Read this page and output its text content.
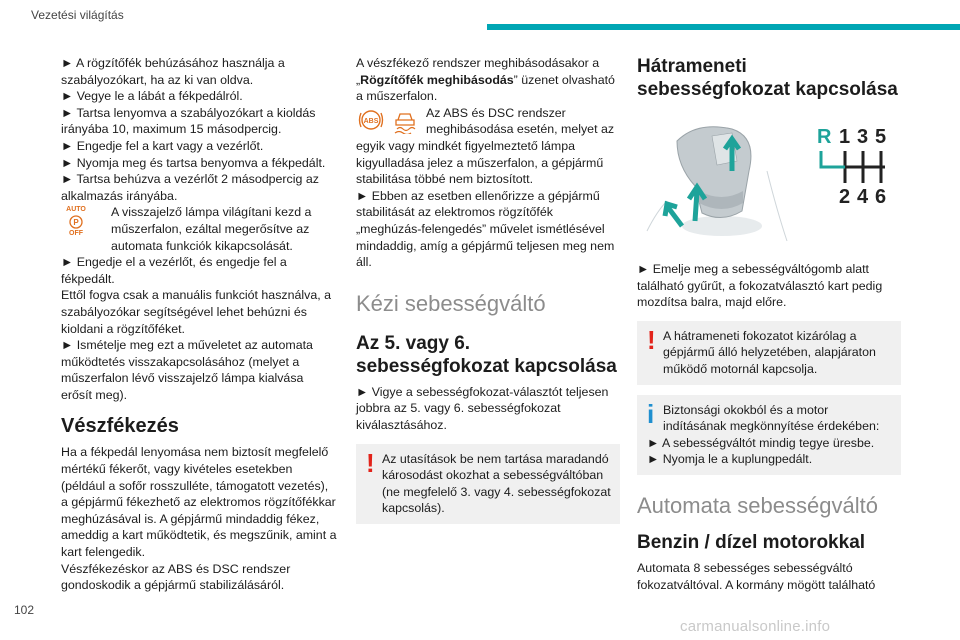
Vezetési világítás

► A rögzítőfék behúzásához használja a szabályozókart, ha az ki van oldva.

► Vegye le a lábát a fékpedálról.

► Tartsa lenyomva a szabályozókart a kioldás irányába 10, maximum 15 másodpercig.

► Engedje fel a kart vagy a vezérlőt.

► Nyomja meg és tartsa benyomva a fékpedált.

► Tartsa behúzva a vezérlőt 2 másodpercig az alkalmazás irányába.

AUTO
P
OFF

A visszajelző lámpa világítani kezd a műszerfalon, ezáltal megerősítve az automata funkciók kikapcsolását.

► Engedje el a vezérlőt, és engedje fel a fékpedált.

Ettől fogva csak a manuális funkciót használva, a szabályozókar segítségével lehet behúzni és kioldani a rögzítőféket.

► Ismételje meg ezt a műveletet az automata működtetés visszakapcsolásához (melyet a műszerfalon lévő visszajelző lámpa kialvása erősít meg).

Vészfékezés

Ha a fékpedál lenyomása nem biztosít megfelelő mértékű fékerőt, vagy kivételes esetekben (például a sofőr rosszulléte, támogatott vezetés), a gépjármű fékezhető az elektromos rögzítőfékkar meghúzásával is. A gépjármű mindaddig fékez, ameddig a kart működtetik, és megszűnik, amint a kart felengedik.

Vészfékezéskor az ABS és DSC rendszer gondoskodik a gépjármű stabilizálásáról.

A vészfékező rendszer meghibásodásakor a „Rögzítőfék meghibásodás” üzenet olvasható a műszerfalon.

ABS

Az ABS és DSC rendszer meghibásodása esetén, melyet az egyik vagy mindkét figyelmeztető lámpa kigyulladása jelez a műszerfalon, a gépjármű stabilitása többé nem biztosított.

► Ebben az esetben ellenőrizze a gépjármű stabilitását az elektromos rögzítőfék „meghúzás-felengedés” művelet ismétlésével mindaddig, amíg a gépjármű teljesen meg nem áll.

Kézi sebességváltó
Az 5. vagy 6. sebességfokozat kapcsolása

► Vigye a sebességfokozat-választót teljesen jobbra az 5. vagy 6. sebességfokozat kiválasztásához.

! Az utasítások be nem tartása maradandó károsodást okozhat a sebességváltóban (ne megfelelő 3. vagy 4. sebességfokozat kapcsolás).

Hátrameneti sebességfokozat kapcsolása
R 1 3 5
2 4 6

► Emelje meg a sebességváltógomb alatt található gyűrűt, a fokozatválasztó kart pedig mozdítsa balra, majd előre.

! A hátrameneti fokozatot kizárólag a gépjármű álló helyzetében, alapjáraton működő motornál kapcsolja.

i Biztonsági okokból és a motor indításának megkönnyítése érdekében:

► A sebességváltót mindig tegye üresbe.

► Nyomja le a kuplungpedált.

Automata sebességváltó
Benzin / dízel motorokkal

Automata 8 sebességes sebességváltó fokozatváltóval. A kormány mögött található

102
carmanualsonline.info
